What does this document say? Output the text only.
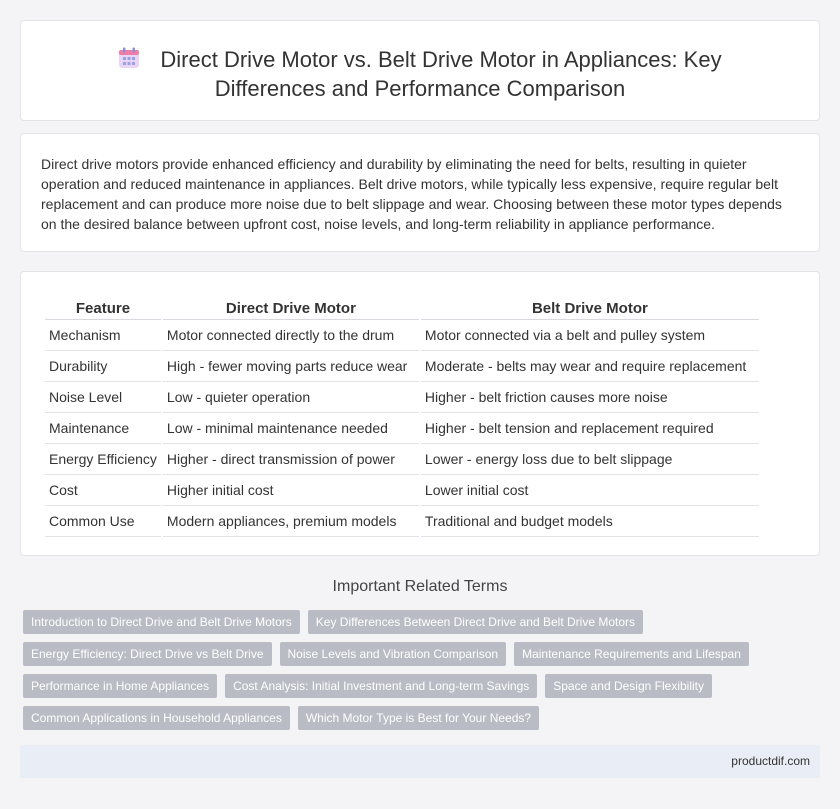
Direct Drive Motor vs. Belt Drive Motor in Appliances: Key
Differences and Performance Comparison

Direct drive motors provide enhanced efficiency and durability by eliminating the need for belts, resulting in quieter operation and reduced maintenance in appliances. Belt drive motors, while typically less expensive, require regular belt replacement and can produce more noise due to belt slippage and wear. Choosing between these motor types depends on the desired balance between upfront cost, noise levels, and long-term reliability in appliance performance.

Feature	Direct Drive Motor	Belt Drive Motor
Mechanism	Motor connected directly to the drum	Motor connected via a belt and pulley system
Durability	High - fewer moving parts reduce wear	Moderate - belts may wear and require replacement
Noise Level	Low - quieter operation	Higher - belt friction causes more noise
Maintenance	Low - minimal maintenance needed	Higher - belt tension and replacement required
Energy Efficiency	Higher - direct transmission of power	Lower - energy loss due to belt slippage
Cost	Higher initial cost	Lower initial cost
Common Use	Modern appliances, premium models	Traditional and budget models
Important Related Terms
Introduction to Direct Drive and Belt Drive Motors	Key Differences Between Direct Drive and Belt Drive Motors
Energy Efficiency: Direct Drive vs Belt Drive	Noise Levels and Vibration Comparison	Maintenance Requirements and Lifespan
Performance in Home Appliances	Cost Analysis: Initial Investment and Long-term Savings	Space and Design Flexibility
Common Applications in Household Appliances	Which Motor Type is Best for Your Needs?
productdif.com
